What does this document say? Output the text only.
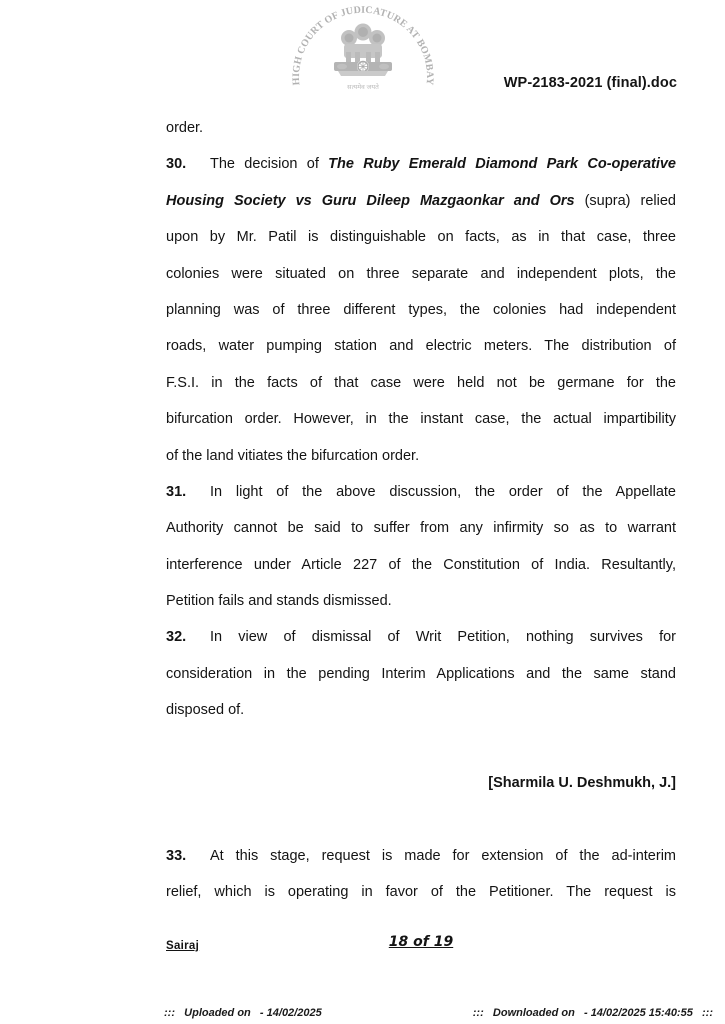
HIGH COURT OF JUDICATURE AT BOMBAY
सत्यमेव जयते	WP-2183-2021 (final).doc
order.
30. The decision of The Ruby Emerald Diamond Park Co-operative
Housing Society vs Guru Dileep Mazgaonkar and Ors (supra) relied
upon by Mr. Patil is distinguishable on facts, as in that case, three
colonies were situated on three separate and independent plots, the
planning was of three different types, the colonies had independent
roads, water pumping station and electric meters. The distribution of
F.S.I. in the facts of that case were held not be germane for the
bifurcation order. However, in the instant case, the actual impartibility
of the land vitiates the bifurcation order.
31. In light of the above discussion, the order of the Appellate
Authority cannot be said to suffer from any infirmity so as to warrant
interference under Article 227 of the Constitution of India. Resultantly,
Petition fails and stands dismissed.
32. In view of dismissal of Writ Petition, nothing survives for
consideration in the pending Interim Applications and the same stand
disposed of.
[Sharmila U. Deshmukh, J.]
33. At this stage, request is made for extension of the ad-interim
relief, which is operating in favor of the Petitioner. The request is
Sairaj	18 of 19
:::   Uploaded on   - 14/02/2025	:::   Downloaded on   - 14/02/2025 15:40:55   :::
